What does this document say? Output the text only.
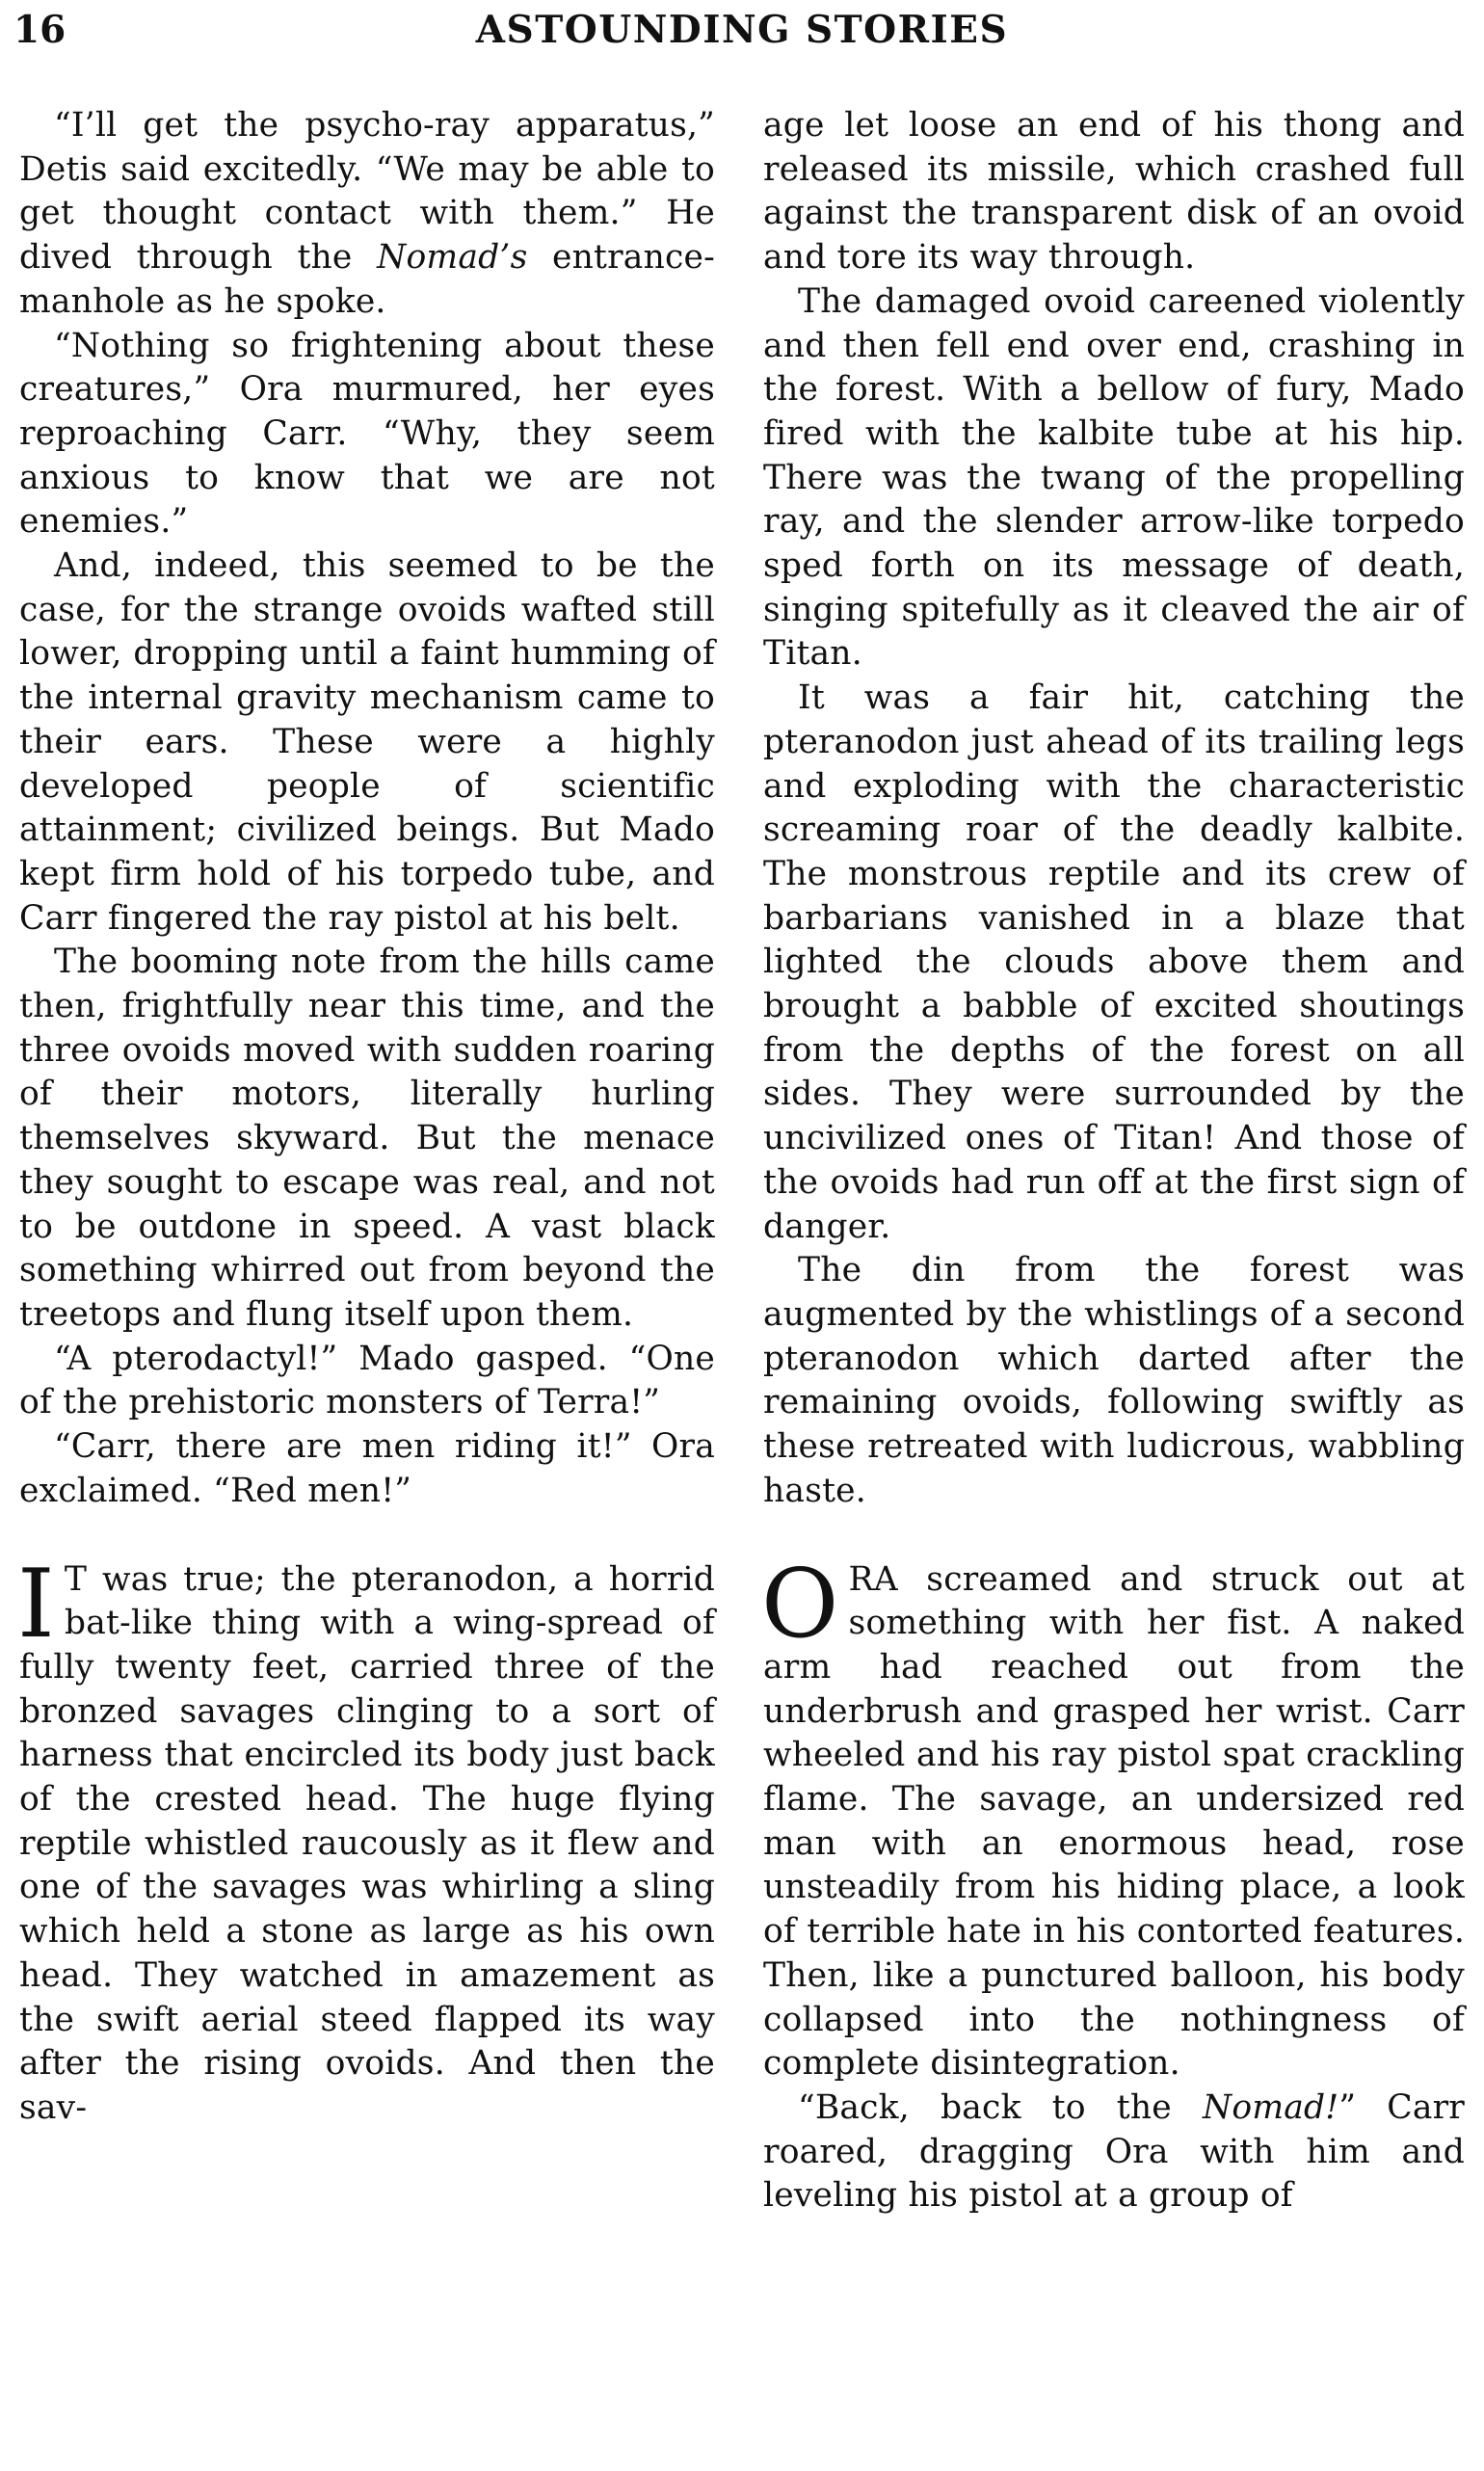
16	ASTOUNDING STORIES

“I’ll get the psycho-ray apparatus,” Detis said excitedly. “We may be able to get thought contact with them.” He dived through the Nomad’s entrance-manhole as he spoke.

“Nothing so frightening about these creatures,” Ora murmured, her eyes reproaching Carr. “Why, they seem anxious to know that we are not enemies.”

And, indeed, this seemed to be the case, for the strange ovoids wafted still lower, dropping until a faint humming of the internal gravity mechanism came to their ears. These were a highly developed people of scientific attainment; civilized beings. But Mado kept firm hold of his torpedo tube, and Carr fingered the ray pistol at his belt.

The booming note from the hills came then, frightfully near this time, and the three ovoids moved with sudden roaring of their motors, literally hurling themselves skyward. But the menace they sought to escape was real, and not to be outdone in speed. A vast black something whirred out from beyond the treetops and flung itself upon them.

“A pterodactyl!” Mado gasped. “One of the prehistoric monsters of Terra!”

“Carr, there are men riding it!” Ora exclaimed. “Red men!”

I T was true; the pteranodon, a horrid bat-like thing with a wing-spread of fully twenty feet, carried three of the bronzed savages clinging to a sort of harness that encircled its body just back of the crested head. The huge flying reptile whistled raucously as it flew and one of the savages was whirling a sling which held a stone as large as his own head. They watched in amazement as the swift aerial steed flapped its way after the rising ovoids. And then the sav-

age let loose an end of his thong and released its missile, which crashed full against the transparent disk of an ovoid and tore its way through.

The damaged ovoid careened violently and then fell end over end, crashing in the forest. With a bellow of fury, Mado fired with the kalbite tube at his hip. There was the twang of the propelling ray, and the slender arrow-like torpedo sped forth on its message of death, singing spitefully as it cleaved the air of Titan.

It was a fair hit, catching the pteranodon just ahead of its trailing legs and exploding with the characteristic screaming roar of the deadly kalbite. The monstrous reptile and its crew of barbarians vanished in a blaze that lighted the clouds above them and brought a babble of excited shoutings from the depths of the forest on all sides. They were surrounded by the uncivilized ones of Titan! And those of the ovoids had run off at the first sign of danger.

The din from the forest was augmented by the whistlings of a second pteranodon which darted after the remaining ovoids, following swiftly as these retreated with ludicrous, wabbling haste.

ORA screamed and struck out at something with her fist. A naked arm had reached out from the underbrush and grasped her wrist. Carr wheeled and his ray pistol spat crackling flame. The savage, an undersized red man with an enormous head, rose unsteadily from his hiding place, a look of terrible hate in his contorted features. Then, like a punctured balloon, his body collapsed into the nothingness of complete disintegration.

“Back, back to the Nomad!” Carr roared, dragging Ora with him and leveling his pistol at a group of
